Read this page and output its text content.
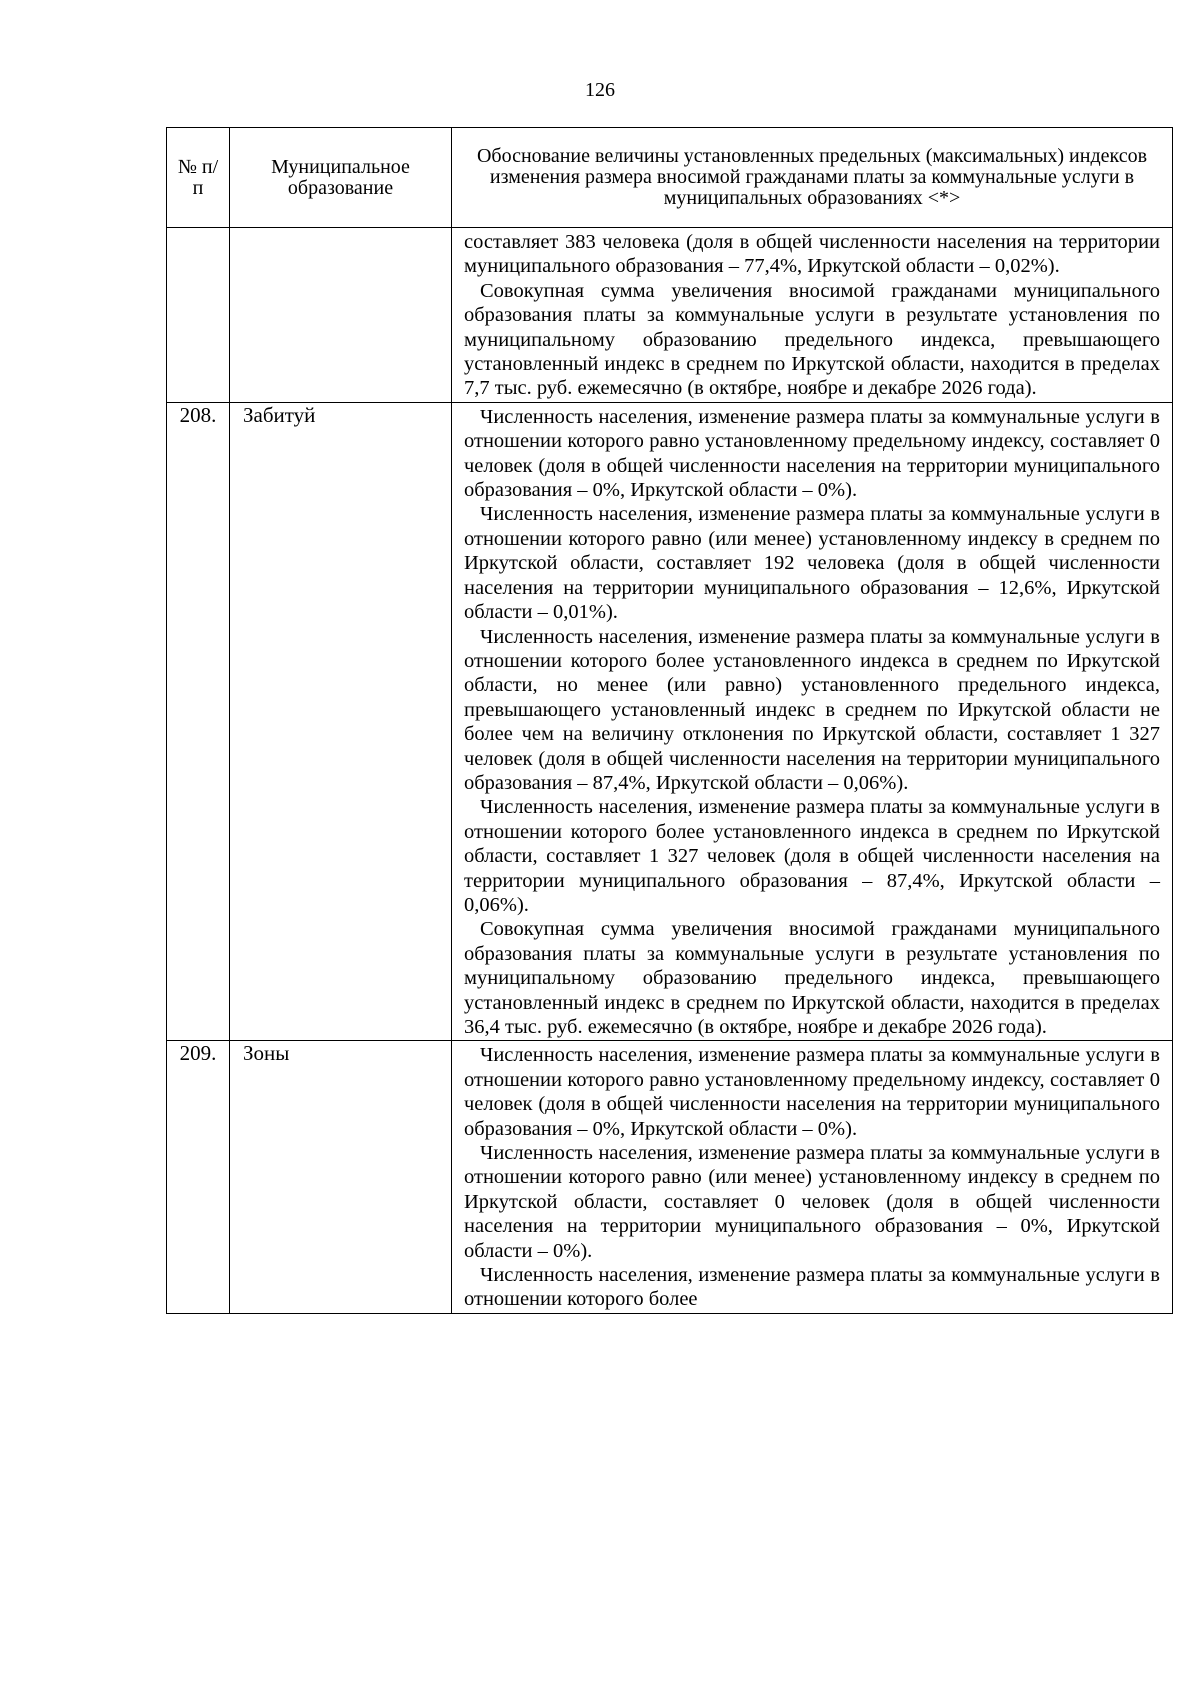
126
№ п/п	Муниципальное образование	Обоснование величины установленных предельных (максимальных) индексов изменения размера вносимой гражданами платы за коммунальные услуги в муниципальных образованиях <*>

		составляет 383 человека (доля в общей численности населения на территории муниципального образования – 77,4%, Иркутской области – 0,02%).

Совокупная сумма увеличения вносимой гражданами муниципального образования платы за коммунальные услуги в результате установления по муниципальному образованию предельного индекса, превышающего установленный индекс в среднем по Иркутской области, находится в пределах 7,7 тыс. руб. ежемесячно (в октябре, ноябре и декабре 2026 года).

208.	Забитуй	Численность населения, изменение размера платы за коммунальные услуги в отношении которого равно установленному предельному индексу, составляет 0 человек (доля в общей численности населения на территории муниципального образования – 0%, Иркутской области – 0%).

Численность населения, изменение размера платы за коммунальные услуги в отношении которого равно (или менее) установленному индексу в среднем по Иркутской области, составляет 192 человека (доля в общей численности населения на территории муниципального образования – 12,6%, Иркутской области – 0,01%).

Численность населения, изменение размера платы за коммунальные услуги в отношении которого более установленного индекса в среднем по Иркутской области, но менее (или равно) установленного предельного индекса, превышающего установленный индекс в среднем по Иркутской области не более чем на величину отклонения по Иркутской области, составляет 1 327 человек (доля в общей численности населения на территории муниципального образования – 87,4%, Иркутской области – 0,06%).

Численность населения, изменение размера платы за коммунальные услуги в отношении которого более установленного индекса в среднем по Иркутской области, составляет 1 327 человек (доля в общей численности населения на территории муниципального образования – 87,4%, Иркутской области – 0,06%).

Совокупная сумма увеличения вносимой гражданами муниципального образования платы за коммунальные услуги в результате установления по муниципальному образованию предельного индекса, превышающего установленный индекс в среднем по Иркутской области, находится в пределах 36,4 тыс. руб. ежемесячно (в октябре, ноябре и декабре 2026 года).

209.	Зоны	Численность населения, изменение размера платы за коммунальные услуги в отношении которого равно установленному предельному индексу, составляет 0 человек (доля в общей численности населения на территории муниципального образования – 0%, Иркутской области – 0%).

Численность населения, изменение размера платы за коммунальные услуги в отношении которого равно (или менее) установленному индексу в среднем по Иркутской области, составляет 0 человек (доля в общей численности населения на территории муниципального образования – 0%, Иркутской области – 0%).

Численность населения, изменение размера платы за коммунальные услуги в отношении которого более
